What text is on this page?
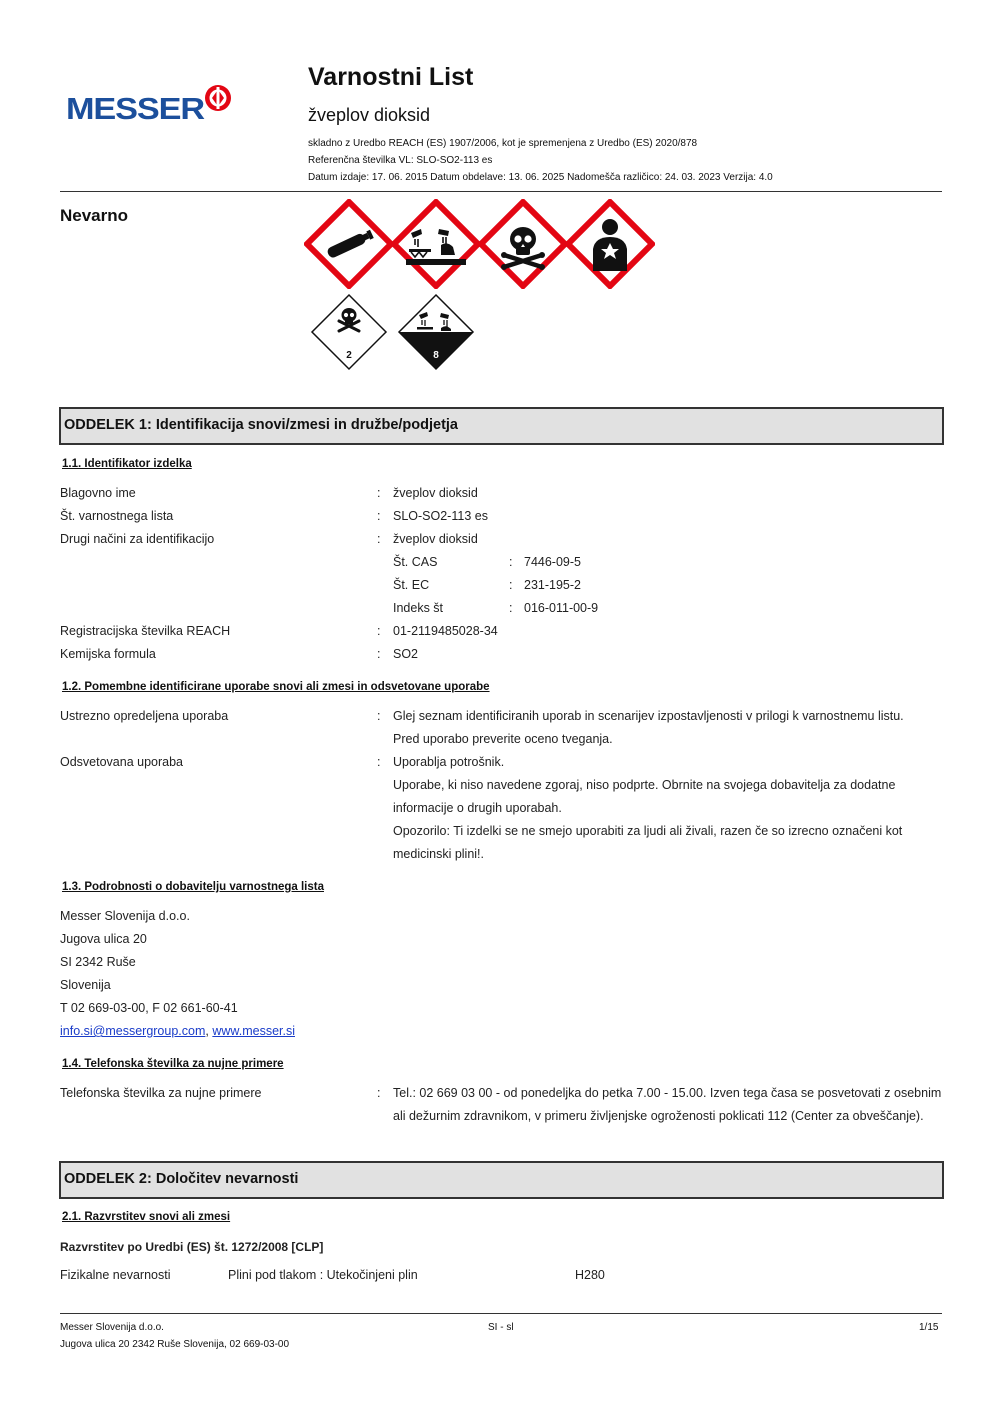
MESSER
Varnostni List
žveplov dioksid
skladno z Uredbo REACH (ES) 1907/2006, kot je spremenjena z Uredbo (ES) 2020/878
Referenčna številka VL: SLO-SO2-113 es
Datum izdaje: 17. 06. 2015 Datum obdelave: 13. 06. 2025 Nadomešča različico: 24. 03. 2023 Verzija: 4.0
Nevarno
2	8
ODDELEK 1: Identifikacija snovi/zmesi in družbe/podjetja
1.1. Identifikator izdelka
Blagovno ime	: žveplov dioksid
Št. varnostnega lista	: SLO-SO2-113 es
Drugi načini za identifikacijo	: žveplov dioksid
Št. CAS	: 7446-09-5
Št. EC	: 231-195-2
Indeks št	: 016-011-00-9
Registracijska številka REACH	: 01-2119485028-34
Kemijska formula	: SO2
1.2. Pomembne identificirane uporabe snovi ali zmesi in odsvetovane uporabe
Ustrezno opredeljena uporaba	: Glej seznam identificiranih uporab in scenarijev izpostavljenosti v prilogi k varnostnemu listu.
Pred uporabo preverite oceno tveganja.
Odsvetovana uporaba	: Uporablja potrošnik.
Uporabe, ki niso navedene zgoraj, niso podprte. Obrnite na svojega dobavitelja za dodatne
informacije o drugih uporabah.
Opozorilo: Ti izdelki se ne smejo uporabiti za ljudi ali živali, razen če so izrecno označeni kot
medicinski plini!.
1.3. Podrobnosti o dobavitelju varnostnega lista
Messer Slovenija d.o.o.
Jugova ulica 20
SI 2342 Ruše
Slovenija
T 02 669-03-00, F 02 661-60-41
info.si@messergroup.com, www.messer.si
1.4. Telefonska številka za nujne primere
Telefonska številka za nujne primere	: Tel.: 02 669 03 00 - od ponedeljka do petka 7.00 - 15.00. Izven tega časa se posvetovati z osebnim
ali dežurnim zdravnikom, v primeru življenjske ogroženosti poklicati 112 (Center za obveščanje).
ODDELEK 2: Določitev nevarnosti
2.1. Razvrstitev snovi ali zmesi
Razvrstitev po Uredbi (ES) št. 1272/2008 [CLP]
Fizikalne nevarnosti	Plini pod tlakom : Utekočinjeni plin	H280
Messer Slovenija d.o.o.
Jugova ulica 20 2342 Ruše Slovenija, 02 669-03-00
SI - sl	1/15
